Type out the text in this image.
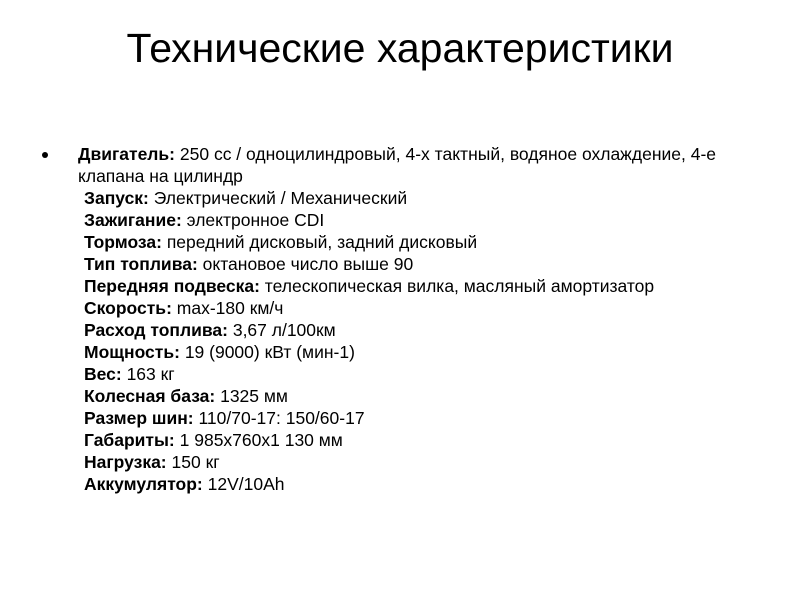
Технические характеристики
Двигатель: 250 сс / одноцилиндровый, 4-х тактный, водяное охлаждение, 4-е клапана на цилиндр
Запуск: Электрический / Механический
Зажигание: электронное CDI
Тормоза: передний дисковый, задний дисковый
Тип топлива: октановое число выше 90
Передняя подвеска: телескопическая вилка, масляный амортизатор
Скорость: max-180 км/ч
Расход топлива: 3,67 л/100км
Мощность: 19 (9000) кВт (мин-1)
Вес: 163 кг
Колесная база: 1325 мм
Размер шин: 110/70-17: 150/60-17
Габариты: 1 985x760x1 130 мм
Нагрузка: 150 кг
Аккумулятор: 12V/10Ah
